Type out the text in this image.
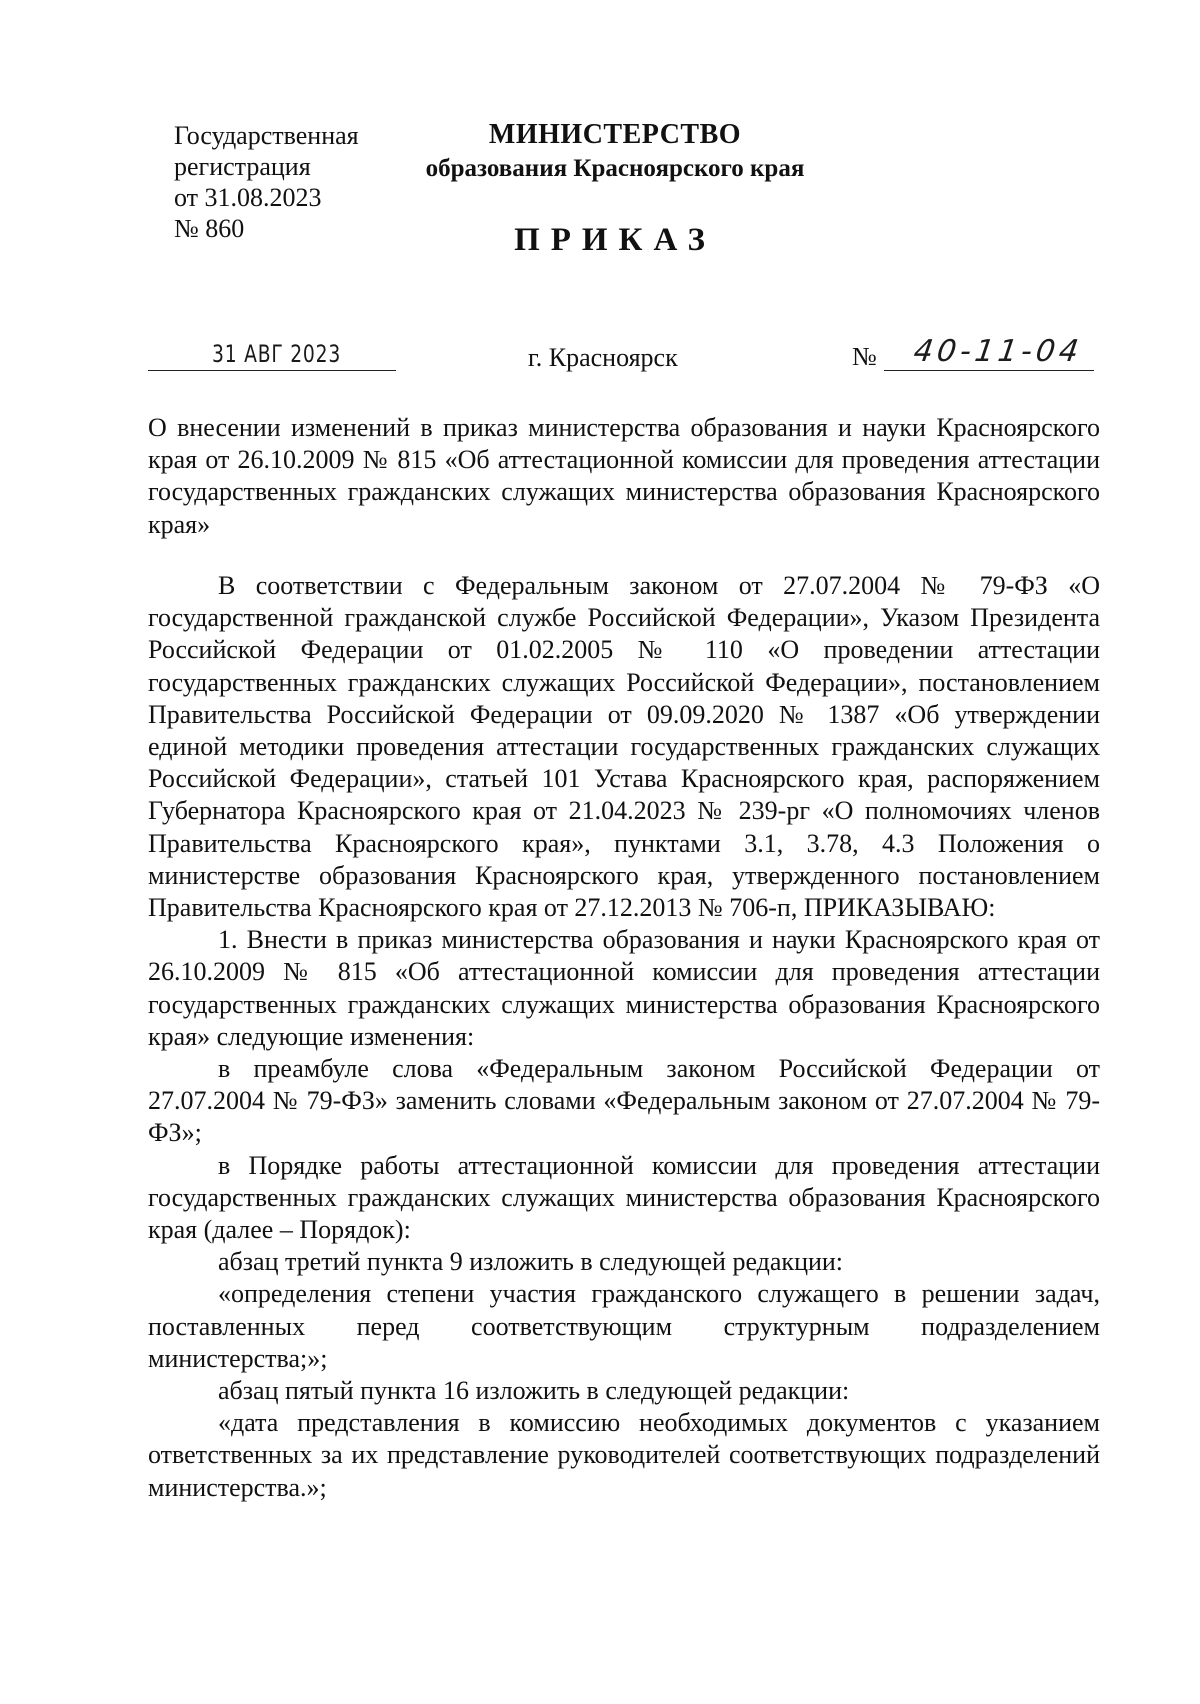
Государственная
регистрация
от 31.08.2023
№ 860
МИНИСТЕРСТВО
образования Красноярского края
ПРИКАЗ
31 АВГ 2023	г. Красноярск	№ 40-11-04

О внесении изменений в приказ министерства образования и науки Красноярского края от 26.10.2009 № 815 «Об аттестационной комиссии для проведения аттестации государственных гражданских служащих министерства образования Красноярского края»

В соответствии с Федеральным законом от 27.07.2004 № 79-ФЗ «О государственной гражданской службе Российской Федерации», Указом Президента Российской Федерации от 01.02.2005 № 110 «О проведении аттестации государственных гражданских служащих Российской Федерации», постановлением Правительства Российской Федерации от 09.09.2020 № 1387 «Об утверждении единой методики проведения аттестации государственных гражданских служащих Российской Федерации», статьей 101 Устава Красноярского края, распоряжением Губернатора Красноярского края от 21.04.2023 № 239-рг «О полномочиях членов Правительства Красноярского края», пунктами 3.1, 3.78, 4.3 Положения о министерстве образования Красноярского края, утвержденного постановлением Правительства Красноярского края от 27.12.2013 № 706-п, ПРИКАЗЫВАЮ:

1. Внести в приказ министерства образования и науки Красноярского края от 26.10.2009 № 815 «Об аттестационной комиссии для проведения аттестации государственных гражданских служащих министерства образования Красноярского края» следующие изменения:

в преамбуле слова «Федеральным законом Российской Федерации от 27.07.2004 № 79-ФЗ» заменить словами «Федеральным законом от 27.07.2004 № 79-ФЗ»;

в Порядке работы аттестационной комиссии для проведения аттестации государственных гражданских служащих министерства образования Красноярского края (далее – Порядок):

абзац третий пункта 9 изложить в следующей редакции:

«определения степени участия гражданского служащего в решении задач, поставленных перед соответствующим структурным подразделением министерства;»;

абзац пятый пункта 16 изложить в следующей редакции:

«дата представления в комиссию необходимых документов с указанием ответственных за их представление руководителей соответствующих подразделений министерства.»;
